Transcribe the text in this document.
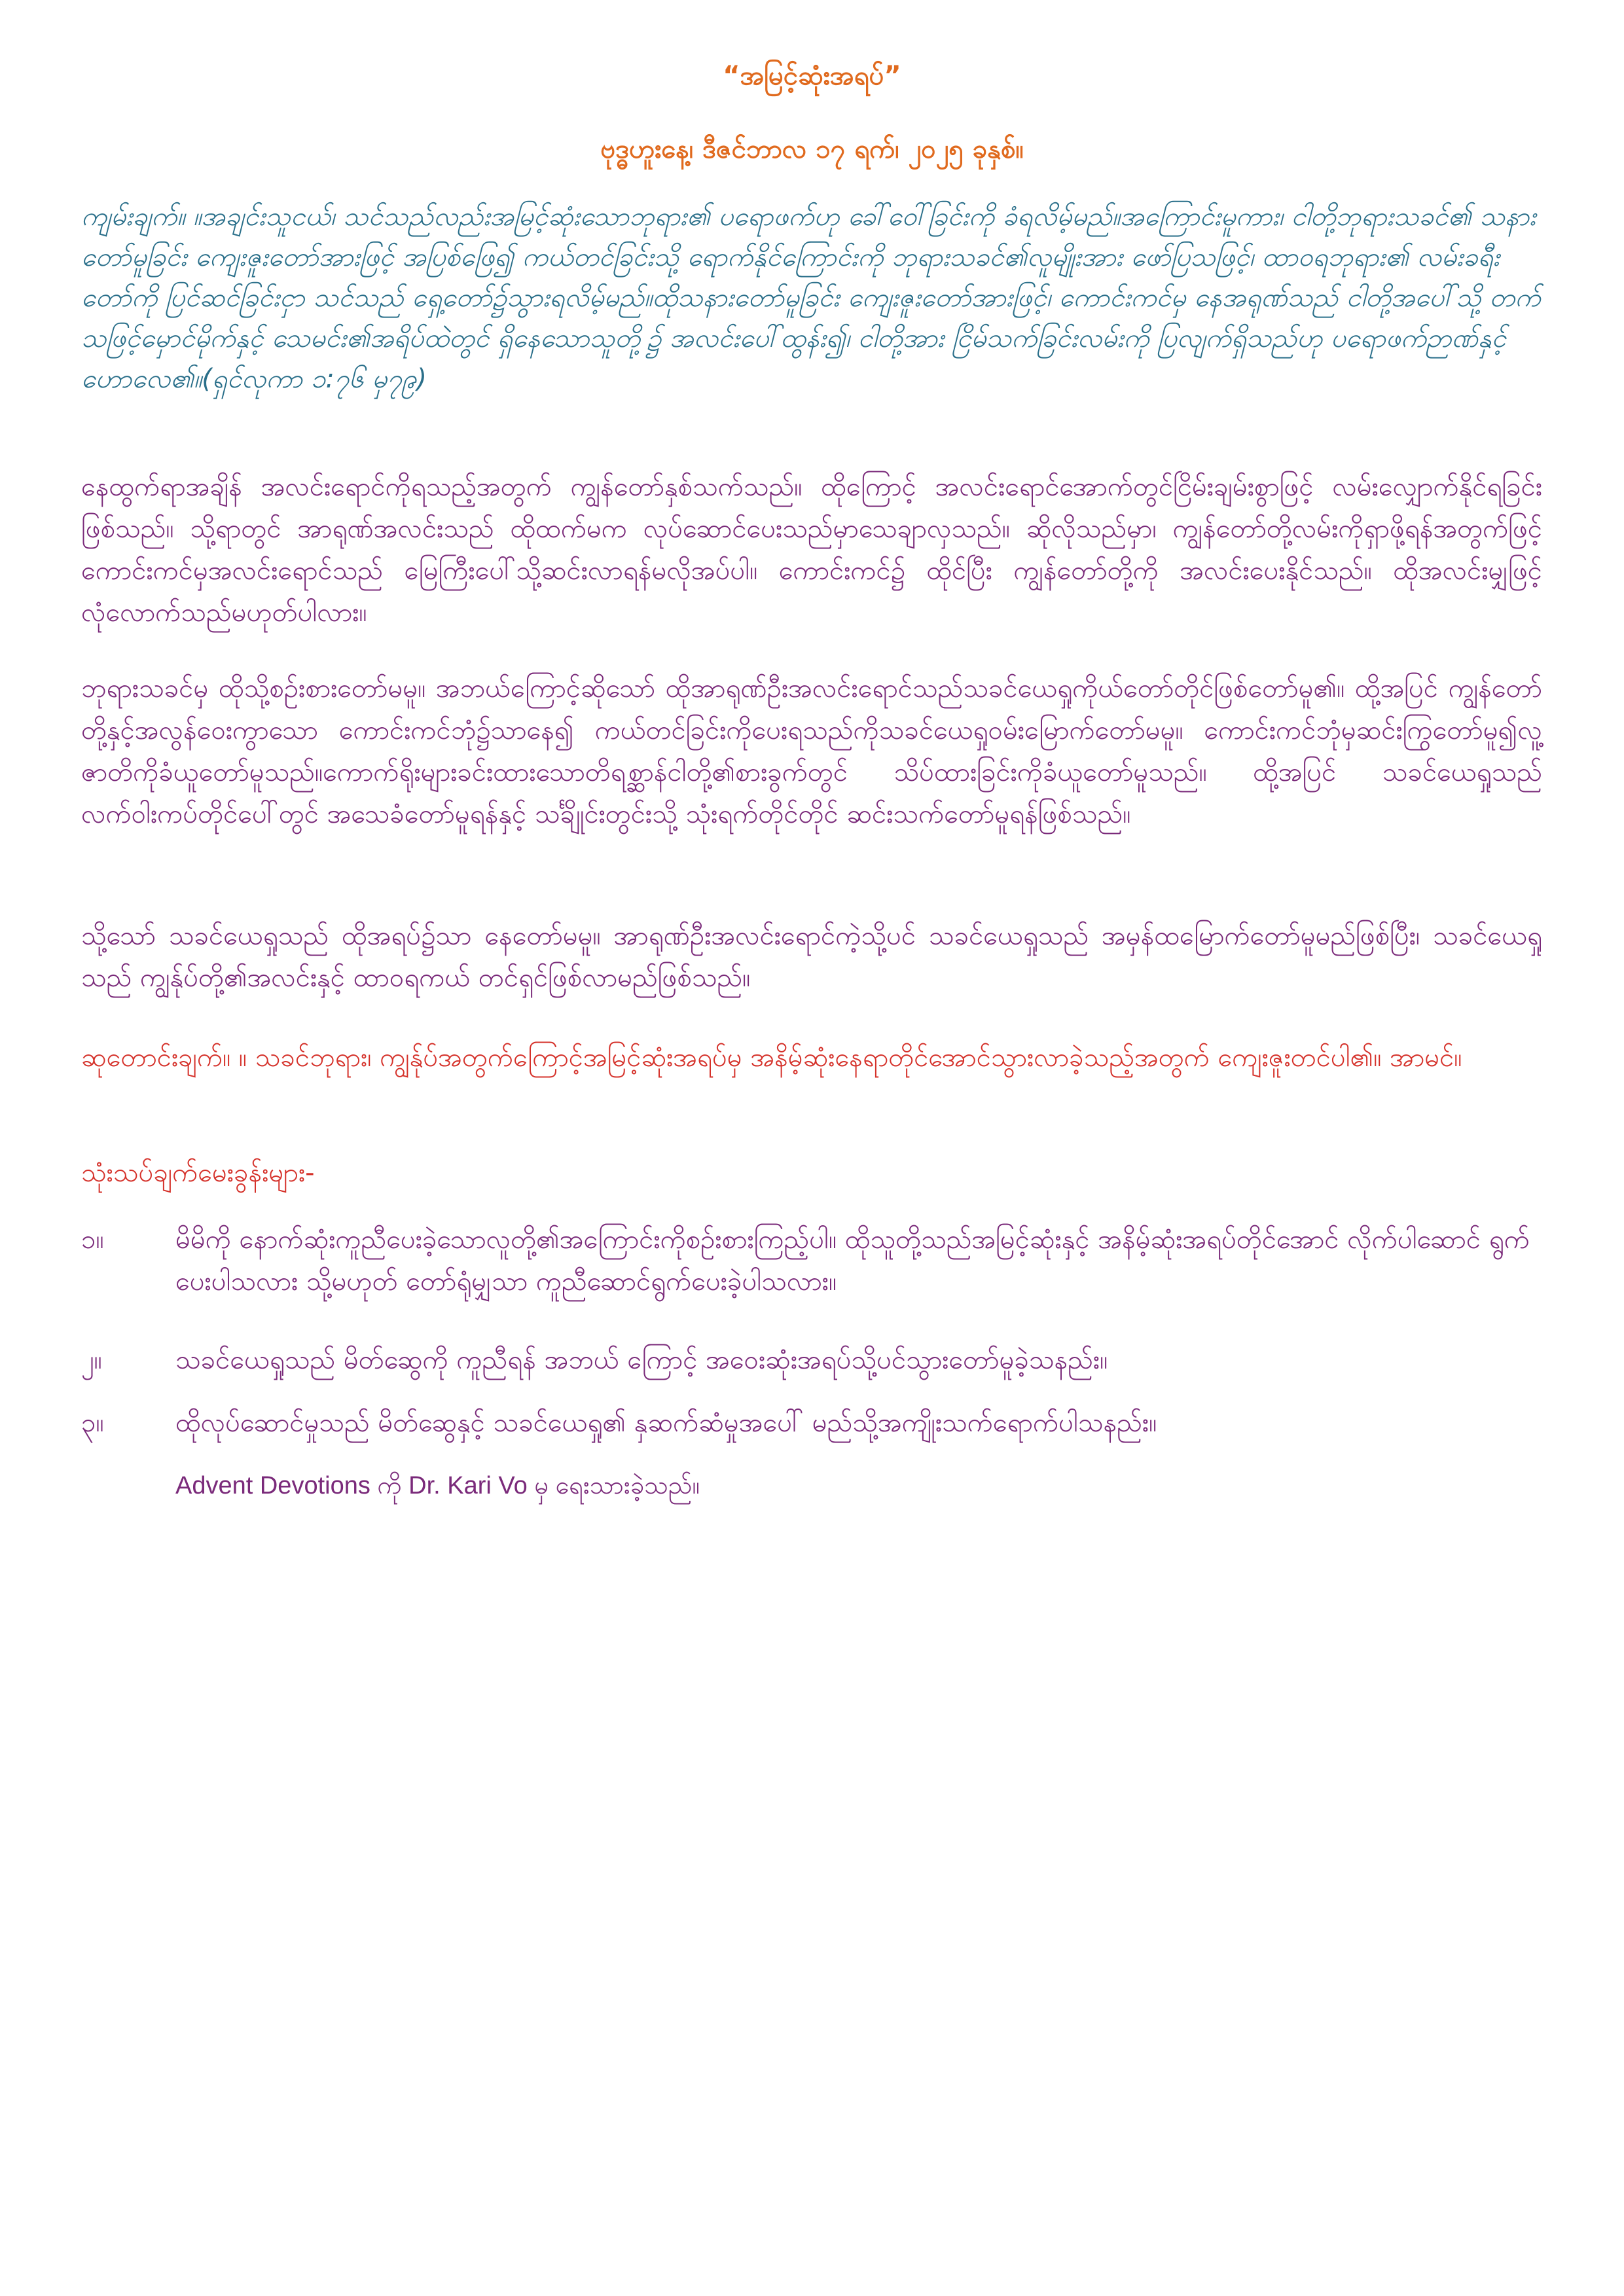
“အမြင့်ဆုံးအရပ်”
ဗုဒ္ဓဟူးနေ့၊ ဒီဇင်ဘာလ ၁၇ ရက်၊ ၂၀၂၅ ခုနှစ်။

ကျမ်းချက်။ ။အချင်းသူငယ်၊ သင်သည်လည်းအမြင့်ဆုံးသောဘုရား၏ ပရောဖက်ဟု ခေါ်ဝေါ်ခြင်းကို ခံရလိမ့်မည်။အကြောင်းမူကား၊ ငါတို့ဘုရားသခင်၏ သနားတော်မူခြင်း ကျေးဇူးတော်အားဖြင့် အပြစ်ဖြေ၍ ကယ်တင်ခြင်းသို့ ရောက်နိုင်ကြောင်းကို ဘုရားသခင်၏လူမျိုးအား ဖော်ပြသဖြင့်၊ ထာဝရဘုရား၏ လမ်းခရီးတော်ကို ပြင်ဆင်ခြင်းငှာ သင်သည် ရှေ့တော်၌သွားရလိမ့်မည်။ထိုသနားတော်မူခြင်း ကျေးဇူးတော်အားဖြင့်၊ ကောင်းကင်မှ နေအရုဏ်သည် ငါတို့အပေါ်သို့ တက်သဖြင့်မှောင်မိုက်နှင့် သေမင်း၏အရိပ်ထဲတွင် ရှိနေသောသူတို့၌ အလင်းပေါ်ထွန်း၍၊ ငါတို့အား ငြိမ်သက်ခြင်းလမ်းကို ပြလျက်ရှိသည်ဟု ပရောဖက်ဉာဏ်နှင့် ဟောလေ၏။(ရှင်လုကာ ၁:၇၆ မှ၇၉)

နေထွက်ရာအချိန် အလင်းရောင်ကိုရသည့်အတွက် ကျွန်တော်နှစ်သက်သည်။ ထိုကြောင့် အလင်းရောင်အောက်တွင်ငြိမ်းချမ်းစွာဖြင့် လမ်းလျှောက်နိုင်ရခြင်းဖြစ်သည်။ သို့ရာတွင် အာရုဏ်အလင်းသည် ထိုထက်မက လုပ်ဆောင်ပေးသည်မှာသေချာလှသည်။ ဆိုလိုသည်မှာ၊ ကျွန်တော်တို့လမ်းကိုရှာဖို့ရန်အတွက်ဖြင့် ကောင်းကင်မှအလင်းရောင်သည် မြေကြီးပေါ်သို့ဆင်းလာရန်မလိုအပ်ပါ။ ကောင်းကင်၌ ထိုင်ပြီး ကျွန်တော်တို့ကို အလင်းပေးနိုင်သည်။ ထိုအလင်းမျှဖြင့်လုံလောက်သည်မဟုတ်ပါလား။

ဘုရားသခင်မှ ထိုသို့စဉ်းစားတော်မမူ။ အဘယ်ကြောင့်ဆိုသော် ထိုအာရုဏ်ဦးအလင်းရောင်သည်သခင်ယေရှုကိုယ်တော်တိုင်ဖြစ်တော်မူ၏။ ထို့အပြင် ကျွန်တော်တို့နှင့်အလွန်ဝေးကွာသော ကောင်းကင်ဘုံ၌သာနေ၍ ကယ်တင်ခြင်းကိုပေးရသည်ကိုသခင်ယေရှုဝမ်းမြောက်တော်မမူ။ ကောင်းကင်ဘုံမှဆင်းကြွတော်မူ၍လူ့ဇာတိကိုခံယူတော်မူသည်။ကောက်ရိုးများခင်းထားသောတိရစ္ဆာန်ငါတို့၏စားခွက်တွင် သိပ်ထားခြင်းကိုခံယူတော်မူသည်။ ထို့အပြင် သခင်ယေရှုသည် လက်ဝါးကပ်တိုင်ပေါ်တွင် အသေခံတော်မူရန်နှင့် သင်္ချိုင်းတွင်းသို့ သုံးရက်တိုင်တိုင် ဆင်းသက်တော်မူရန်ဖြစ်သည်။

သို့သော် သခင်ယေရှုသည် ထိုအရပ်၌သာ နေတော်မမူ။ အာရုဏ်ဦးအလင်းရောင်ကဲ့သို့ပင် သခင်ယေရှုသည် အမှန်ထမြောက်တော်မူမည်ဖြစ်ပြီး၊ သခင်ယေရှုသည် ကျွန်ုပ်တို့၏အလင်းနှင့် ထာဝရကယ် တင်ရှင်ဖြစ်လာမည်ဖြစ်သည်။

ဆုတောင်းချက်။ ။ သခင်ဘုရား၊ ကျွန်ုပ်အတွက်ကြောင့်အမြင့်ဆုံးအရပ်မှ အနိမ့်ဆုံးနေရာတိုင်အောင်သွားလာခဲ့သည့်အတွက် ကျေးဇူးတင်ပါ၏။ အာမင်။

သုံးသပ်ချက်မေးခွန်းများ-

၁။	မိမိကို နောက်ဆုံးကူညီပေးခဲ့သောလူတို့၏အကြောင်းကိုစဉ်းစားကြည့်ပါ။ ထိုသူတို့သည်အမြင့်ဆုံးနှင့် အနိမ့်ဆုံးအရပ်တိုင်အောင် လိုက်ပါဆောင် ရွက်ပေးပါသလား သို့မဟုတ် တော်ရုံမျှသာ ကူညီဆောင်ရွက်ပေးခဲ့ပါသလား။
၂။	သခင်ယေရှုသည် မိတ်ဆွေကို ကူညီရန် အဘယ် ကြောင့် အဝေးဆုံးအရပ်သို့ပင်သွားတော်မူခဲ့သနည်း။
၃။	ထိုလုပ်ဆောင်မှုသည် မိတ်ဆွေနှင့် သခင်ယေရှု၏ နှဆက်ဆံမှုအပေါ် မည်သို့အကျိုးသက်ရောက်ပါသနည်း။
Advent Devotions ကို Dr. Kari Vo မှ ရေးသားခဲ့သည်။
